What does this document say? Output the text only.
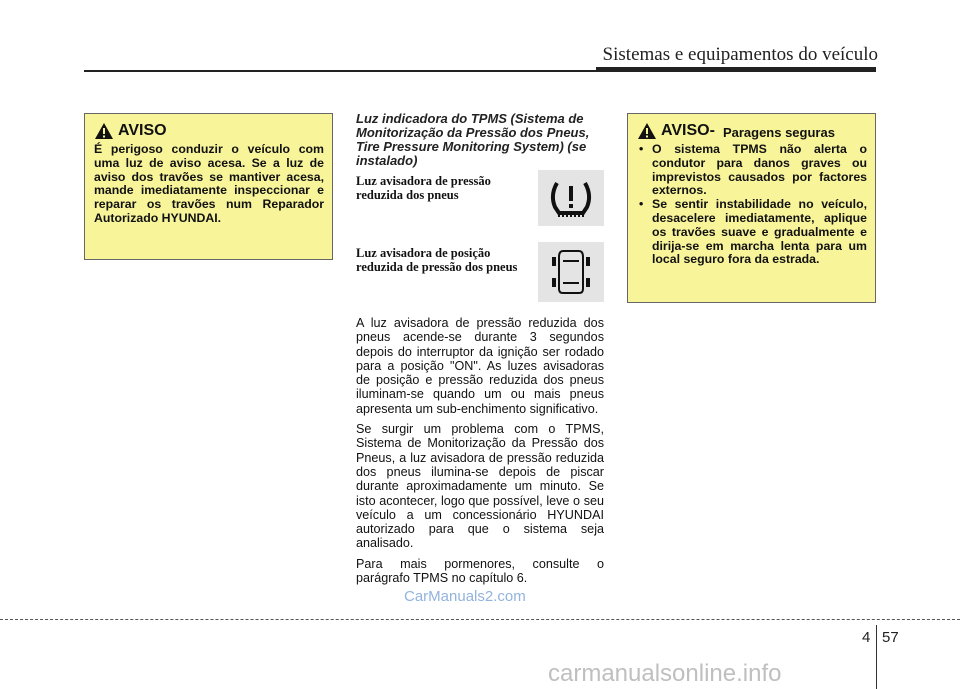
Sistemas e equipamentos do veículo
AVISO
É perigoso conduzir o veículo com uma luz de aviso acesa. Se a luz de aviso dos travões se mantiver acesa, mande imediatamente inspeccionar e reparar os travões num Reparador Autorizado HYUNDAI.
Luz indicadora do TPMS (Sistema de Monitorização da Pressão dos Pneus, Tire Pressure Monitoring System) (se instalado)
Luz avisadora de pressão reduzida dos pneus
Luz avisadora de posição reduzida de pressão dos pneus

A luz avisadora de pressão reduzida dos pneus acende-se durante 3 segundos depois do interruptor da ignição ser rodado para a posição "ON". As luzes avisadoras de posição e pressão reduzida dos pneus iluminam-se quando um ou mais pneus apresenta um sub-enchimento significativo.

Se surgir um problema com o TPMS, Sistema de Monitorização da Pressão dos Pneus, a luz avisadora de pressão reduzida dos pneus ilumina-se depois de piscar durante aproximadamente um minuto. Se isto acontecer, logo que possível, leve o seu veículo a um concessionário HYUNDAI autorizado para que o sistema seja analisado.

Para mais pormenores, consulte o parágrafo TPMS no capítulo 6.

AVISO- Paragens seguras
• O sistema TPMS não alerta o condutor para danos graves ou imprevistos causados por factores externos.
• Se sentir instabilidade no veículo, desacelere imediatamente, aplique os travões suave e gradualmente e dirija-se em marcha lenta para um local seguro fora da estrada.
4 57
CarManuals2.com
carmanualsonline.info
